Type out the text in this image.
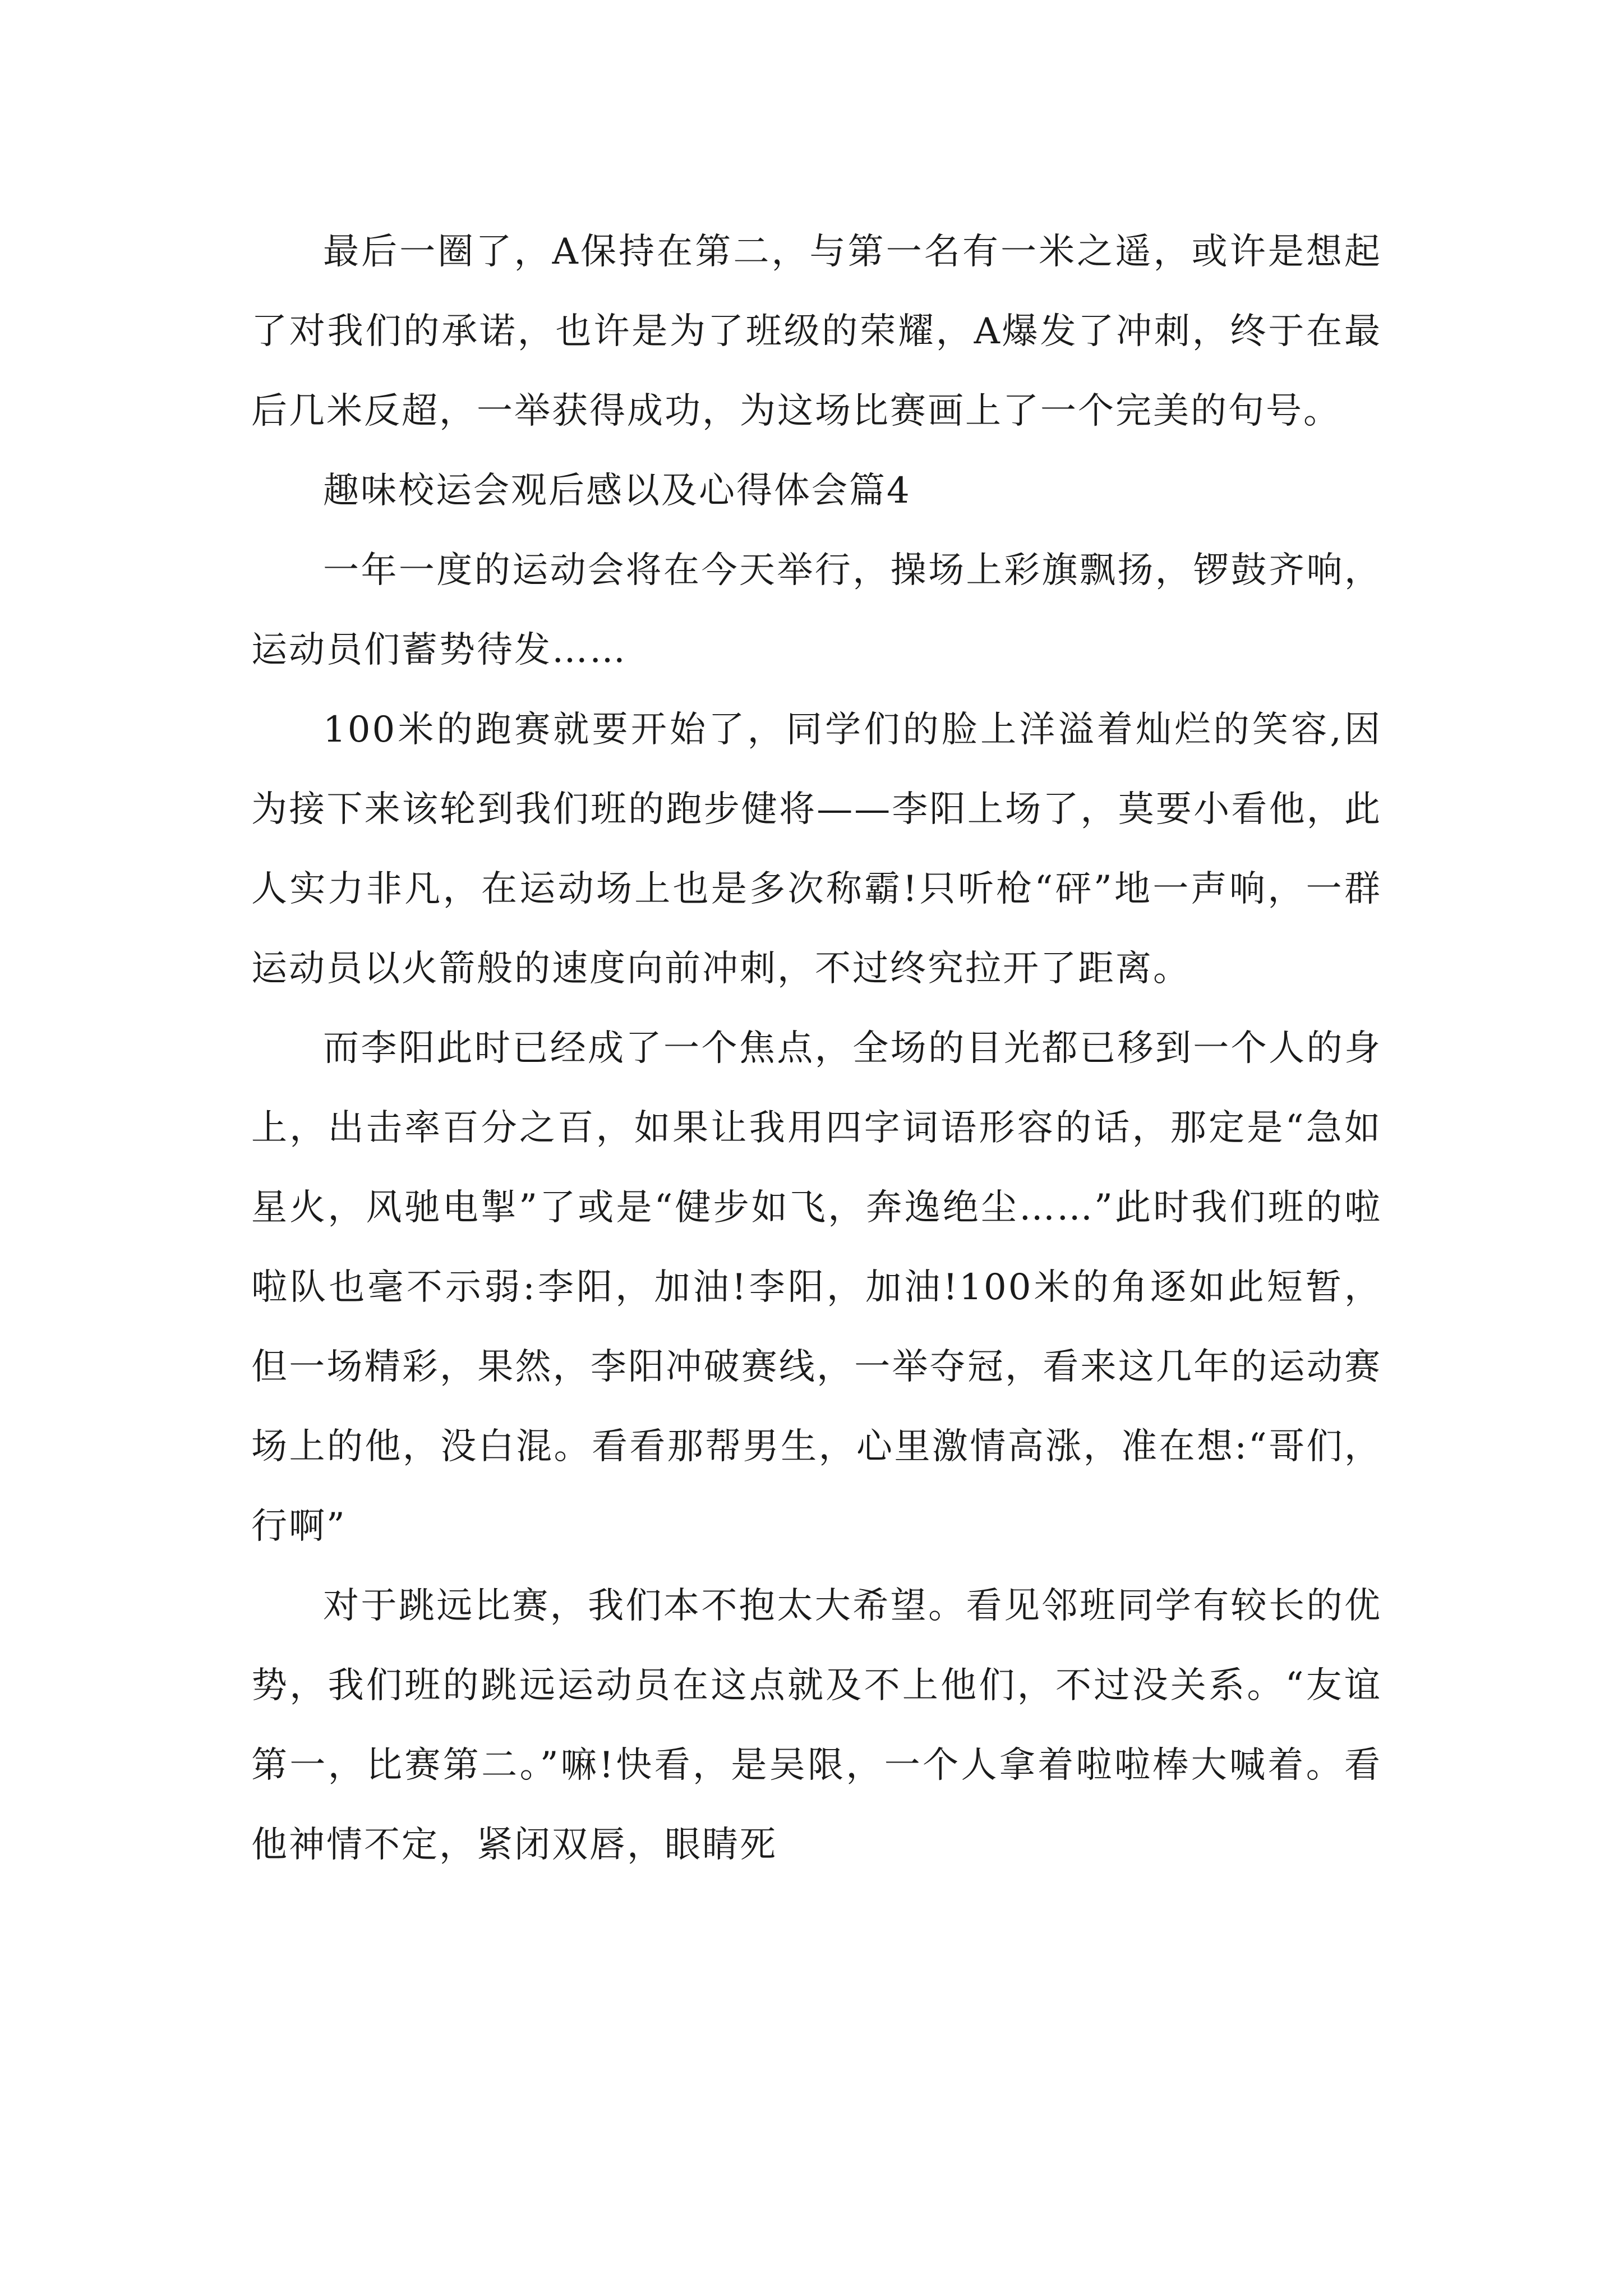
最后一圈了，A保持在第二，与第一名有一米之遥，或许是想起了对我们的承诺，也许是为了班级的荣耀，A爆发了冲刺，终于在最后几米反超，一举获得成功，为这场比赛画上了一个完美的句号。

趣味校运会观后感以及心得体会篇4

一年一度的运动会将在今天举行，操场上彩旗飘扬，锣鼓齐响，运动员们蓄势待发……

100米的跑赛就要开始了，同学们的脸上洋溢着灿烂的笑容,因为接下来该轮到我们班的跑步健将——李阳上场了，莫要小看他，此人实力非凡，在运动场上也是多次称霸!只听枪“砰”地一声响，一群运动员以火箭般的速度向前冲刺，不过终究拉开了距离。

而李阳此时已经成了一个焦点，全场的目光都已移到一个人的身上，出击率百分之百，如果让我用四字词语形容的话，那定是“急如星火，风驰电掣”了或是“健步如飞，奔逸绝尘……”此时我们班的啦啦队也毫不示弱:李阳，加油!李阳，加油!100米的角逐如此短暂，但一场精彩，果然，李阳冲破赛线，一举夺冠，看来这几年的运动赛场上的他，没白混。看看那帮男生，心里激情高涨，准在想:“哥们，行啊”

对于跳远比赛，我们本不抱太大希望。看见邻班同学有较长的优势，我们班的跳远运动员在这点就及不上他们，不过没关系。“友谊第一，比赛第二。”嘛!快看，是吴限，一个人拿着啦啦棒大喊着。看他神情不定，紧闭双唇，眼睛死
